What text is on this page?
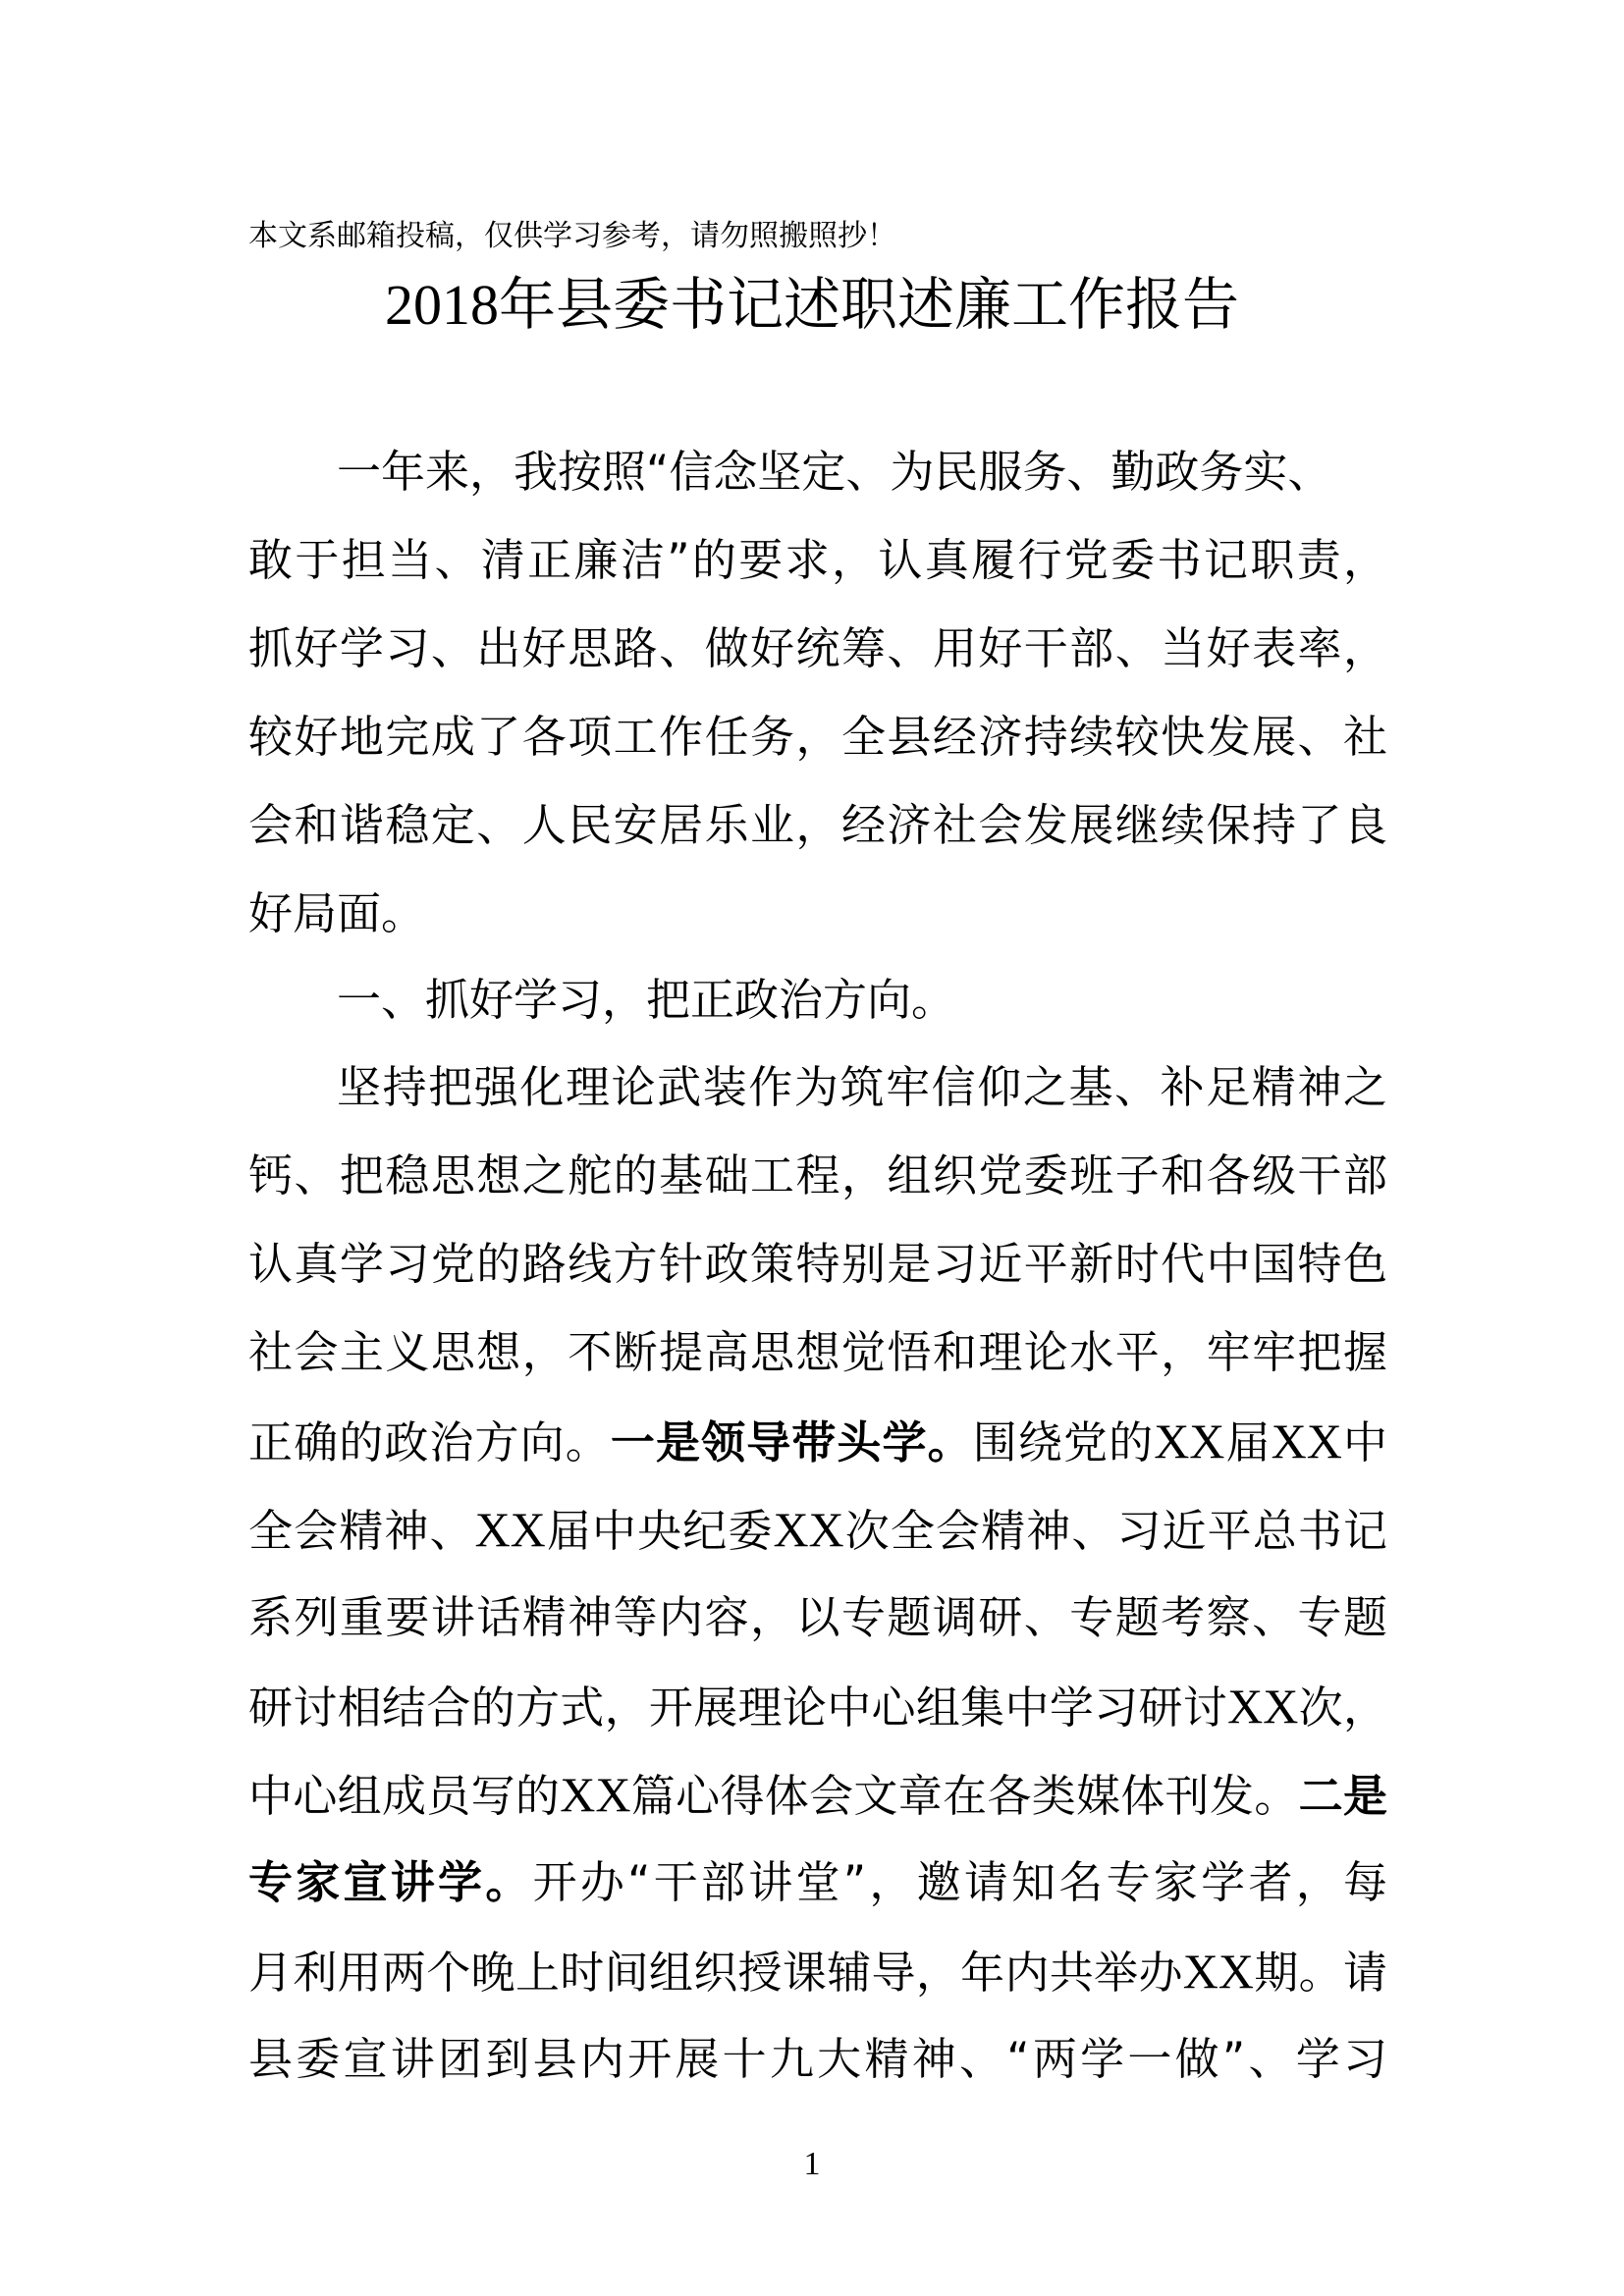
本文系邮箱投稿，仅供学习参考，请勿照搬照抄！
2018年县委书记述职述廉工作报告
一年来，我按照“信念坚定、为民服务、勤政务实、
敢于担当、清正廉洁”的要求，认真履行党委书记职责，
抓好学习、出好思路、做好统筹、用好干部、当好表率，
较好地完成了各项工作任务，全县经济持续较快发展、社
会和谐稳定、人民安居乐业，经济社会发展继续保持了良
好局面。
一、抓好学习，把正政治方向。
坚持把强化理论武装作为筑牢信仰之基、补足精神之
钙、把稳思想之舵的基础工程，组织党委班子和各级干部
认真学习党的路线方针政策特别是习近平新时代中国特色
社会主义思想，不断提高思想觉悟和理论水平，牢牢把握
正确的政治方向。一是领导带头学。围绕党的XX届XX中
全会精神、XX届中央纪委XX次全会精神、习近平总书记
系列重要讲话精神等内容，以专题调研、专题考察、专题
研讨相结合的方式，开展理论中心组集中学习研讨XX次，
中心组成员写的XX篇心得体会文章在各类媒体刊发。二是
专家宣讲学。开办“干部讲堂”，邀请知名专家学者，每
月利用两个晚上时间组织授课辅导，年内共举办XX期。请
县委宣讲团到县内开展十九大精神、“两学一做”、学习
1
